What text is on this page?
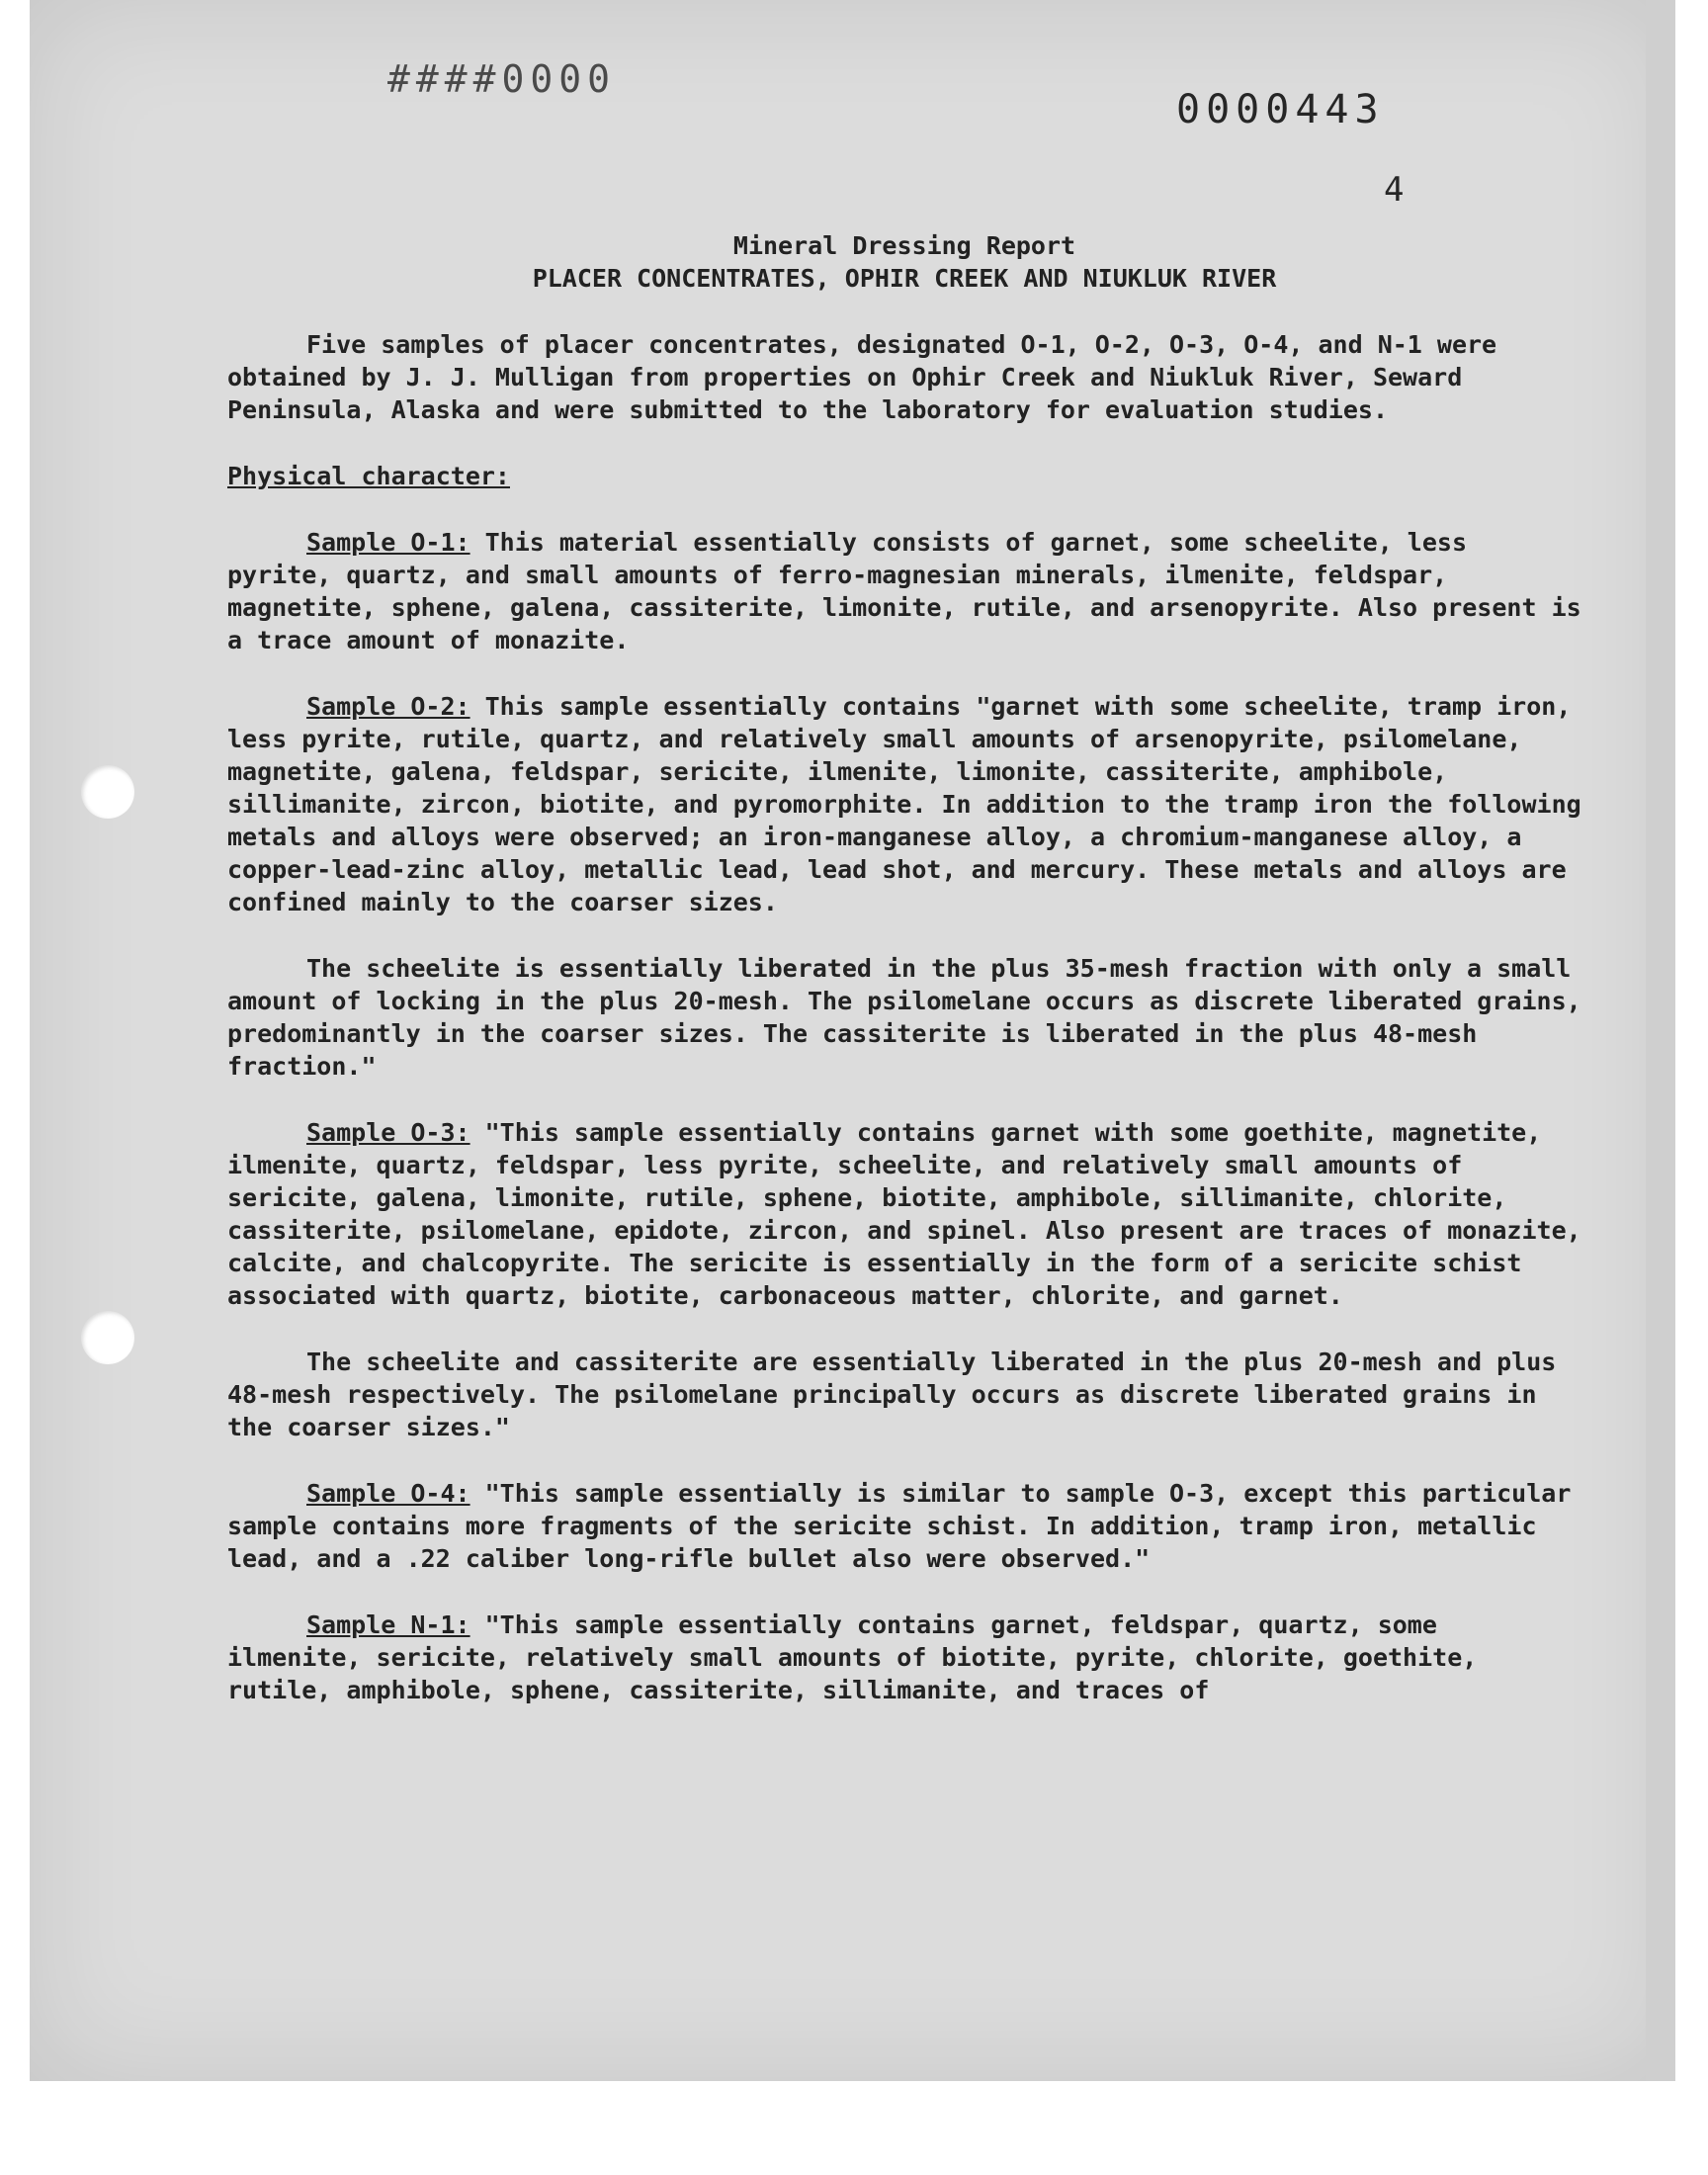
####0000
0000443
4

Mineral Dressing Report

PLACER CONCENTRATES, OPHIR CREEK AND NIUKLUK RIVER

Five samples of placer concentrates, designated O-1, O-2, O-3, O-4, and N-1 were obtained by J. J. Mulligan from properties on Ophir Creek and Niukluk River, Seward Peninsula, Alaska and were submitted to the laboratory for evaluation studies.

Physical character:

Sample O-1: This material essentially consists of garnet, some scheelite, less pyrite, quartz, and small amounts of ferro-magnesian minerals, ilmenite, feldspar, magnetite, sphene, galena, cassiterite, limonite, rutile, and arsenopyrite. Also present is a trace amount of monazite.

Sample O-2: This sample essentially contains "garnet with some scheelite, tramp iron, less pyrite, rutile, quartz, and relatively small amounts of arsenopyrite, psilomelane, magnetite, galena, feldspar, sericite, ilmenite, limonite, cassiterite, amphibole, sillimanite, zircon, biotite, and pyromorphite. In addition to the tramp iron the following metals and alloys were observed; an iron-manganese alloy, a chromium-manganese alloy, a copper-lead-zinc alloy, metallic lead, lead shot, and mercury. These metals and alloys are confined mainly to the coarser sizes.

The scheelite is essentially liberated in the plus 35-mesh fraction with only a small amount of locking in the plus 20-mesh. The psilomelane occurs as discrete liberated grains, predominantly in the coarser sizes. The cassiterite is liberated in the plus 48-mesh fraction."

Sample O-3: "This sample essentially contains garnet with some goethite, magnetite, ilmenite, quartz, feldspar, less pyrite, scheelite, and relatively small amounts of sericite, galena, limonite, rutile, sphene, biotite, amphibole, sillimanite, chlorite, cassiterite, psilomelane, epidote, zircon, and spinel. Also present are traces of monazite, calcite, and chalcopyrite. The sericite is essentially in the form of a sericite schist associated with quartz, biotite, carbonaceous matter, chlorite, and garnet.

The scheelite and cassiterite are essentially liberated in the plus 20-mesh and plus 48-mesh respectively. The psilomelane principally occurs as discrete liberated grains in the coarser sizes."

Sample O-4: "This sample essentially is similar to sample O-3, except this particular sample contains more fragments of the sericite schist. In addition, tramp iron, metallic lead, and a .22 caliber long-rifle bullet also were observed."

Sample N-1: "This sample essentially contains garnet, feldspar, quartz, some ilmenite, sericite, relatively small amounts of biotite, pyrite, chlorite, goethite, rutile, amphibole, sphene, cassiterite, sillimanite, and traces of
